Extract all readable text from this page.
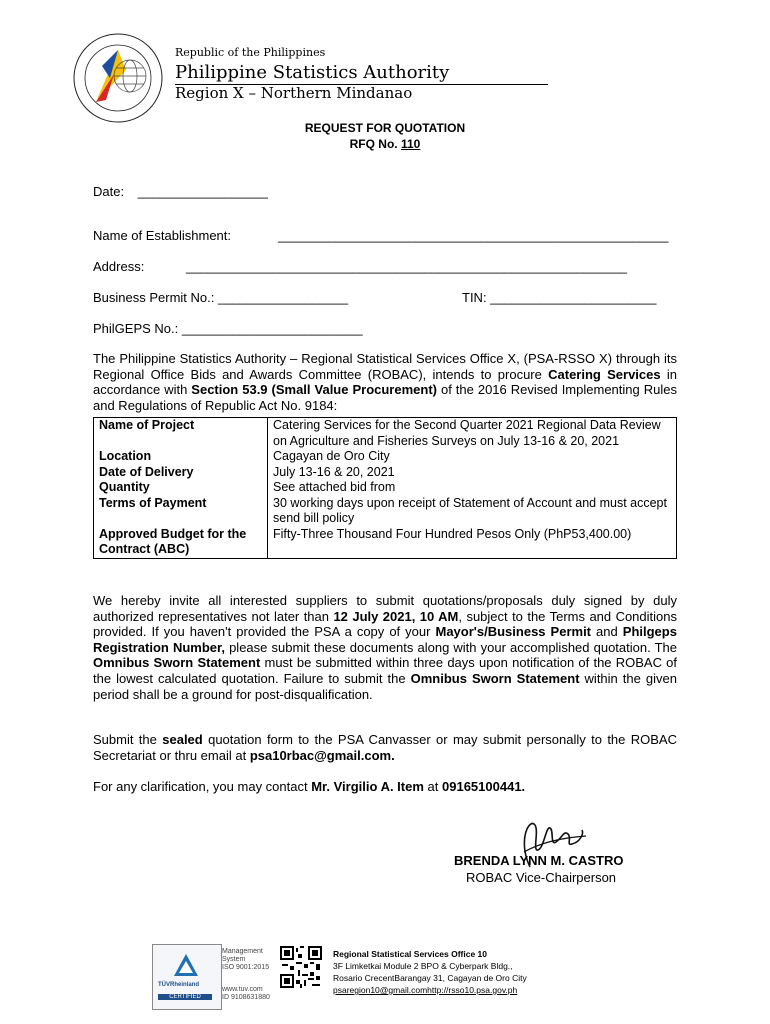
Republic of the Philippines
Philippine Statistics Authority
Region X – Northern Mindanao
REQUEST FOR QUOTATION
RFQ No. 110
Date: __________________
Name of Establishment:	______________________________________________________
Address:	_____________________________________________________________
Business Permit No.: __________________	TIN: _______________________
PhilGEPS No.: _________________________
The Philippine Statistics Authority – Regional Statistical Services Office X, (PSA-RSSO X) through its Regional Office Bids and Awards Committee (ROBAC), intends to procure Catering Services in accordance with Section 53.9 (Small Value Procurement) of the 2016 Revised Implementing Rules and Regulations of Republic Act No. 9184:
Name of Project	Catering Services for the Second Quarter 2021 Regional Data Review on Agriculture and Fisheries Surveys on July 13-16 & 20, 2021
Location	Cagayan de Oro City
Date of Delivery	July 13-16 & 20, 2021
Quantity	See attached bid from
Terms of Payment	30 working days upon receipt of Statement of Account and must accept send bill policy
Approved Budget for the Contract (ABC)	Fifty-Three Thousand Four Hundred Pesos Only (PhP53,400.00)
We hereby invite all interested suppliers to submit quotations/proposals duly signed by duly authorized representatives not later than 12 July 2021, 10 AM, subject to the Terms and Conditions provided. If you haven't provided the PSA a copy of your Mayor's/Business Permit and Philgeps Registration Number, please submit these documents along with your accomplished quotation. The Omnibus Sworn Statement must be submitted within three days upon notification of the ROBAC of the lowest calculated quotation. Failure to submit the Omnibus Sworn Statement within the given period shall be a ground for post-disqualification.
Submit the sealed quotation form to the PSA Canvasser or may submit personally to the ROBAC Secretariat or thru email at psa10rbac@gmail.com.
For any clarification, you may contact Mr. Virgilio A. Item at 09165100441.
BRENDA LYNN M. CASTRO
ROBAC Vice-Chairperson
TÜVRheinland
CERTIFIED
Management
System
ISO 9001:2015
www.tuv.com
ID 9108631880
Regional Statistical Services Office 10
3F Limketkai Module 2 BPO & Cyberpark Bldg.,
Rosario CrecentBarangay 31, Cagayan de Oro City
psaregion10@gmail.comhttp://rsso10.psa.gov.ph
